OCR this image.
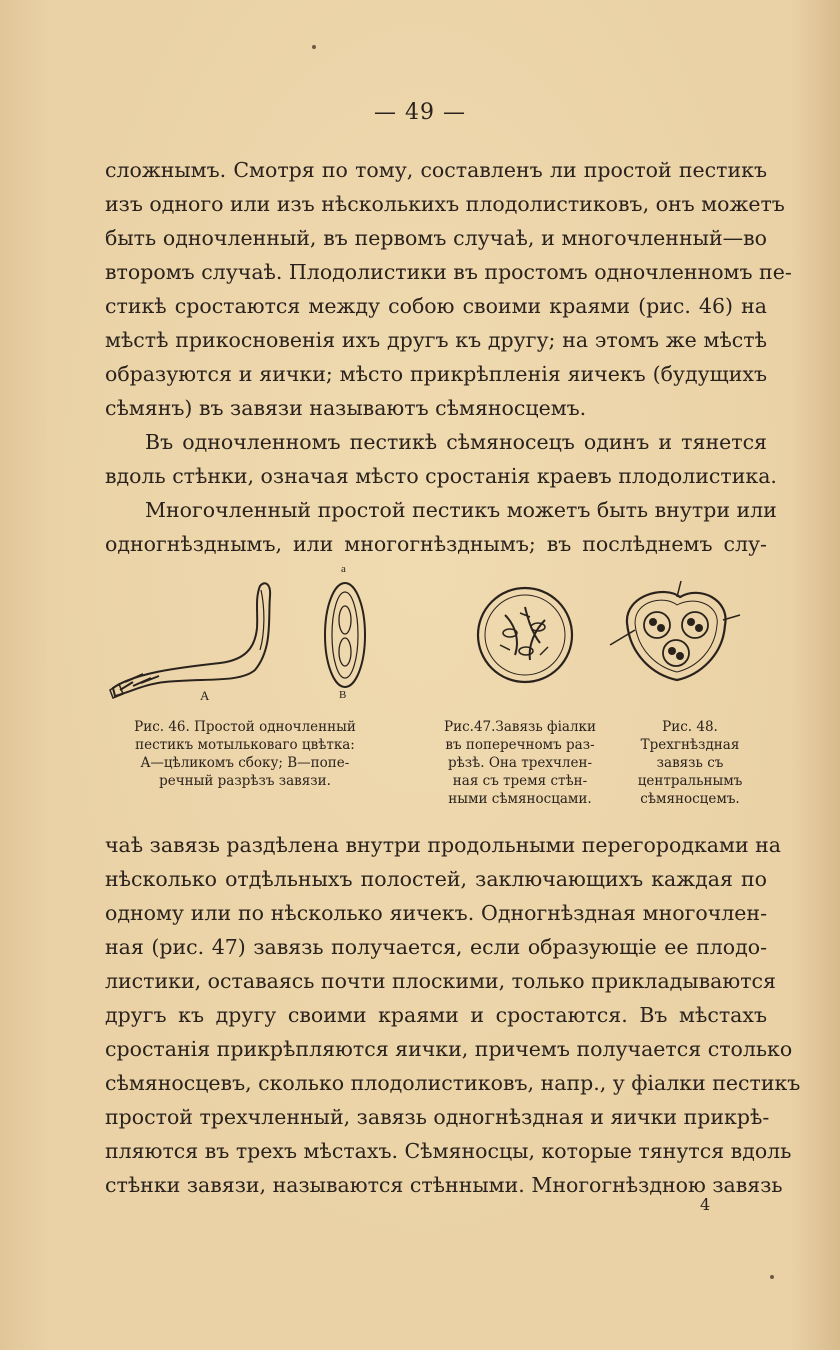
— 49 —
сложнымъ. Смотря по тому, составленъ ли простой пестикъ
изъ одного или изъ нѣсколькихъ плодолистиковъ, онъ можетъ
быть одночленный, въ первомъ случаѣ, и многочленный—во
второмъ случаѣ. Плодолистики въ простомъ одночленномъ пе-
стикѣ сростаются между собою своими краями (рис. 46) на
мѣстѣ прикосновенія ихъ другъ къ другу; на этомъ же мѣстѣ
образуются и яички; мѣсто прикрѣпленія яичекъ (будущихъ
сѣмянъ) въ завязи называютъ сѣмяносцемъ.
Въ одночленномъ пестикѣ сѣмяносецъ одинъ и тянется
вдоль стѣнки, означая мѣсто сростанія краевъ плодолистика.
Многочленный простой пестикъ можетъ быть внутри или
одногнѣзднымъ, или многогнѣзднымъ; въ послѣднемъ слу-
A
a
B
Рис. 46. Простой одночленный
пестикъ мотыльковаго цвѣтка:
A—цѣликомъ сбоку; B—попе-
речный разрѣзъ завязи.
Рис.47.Завязь фіалки
въ поперечномъ раз-
рѣзѣ. Она трехчлен-
ная съ тремя стѣн-
ными сѣмяносцами.
Рис. 48.
Трехгнѣздная
завязь съ
центральнымъ
сѣмяносцемъ.
чаѣ завязь раздѣлена внутри продольными перегородками на
нѣсколько отдѣльныхъ полостей, заключающихъ каждая по
одному или по нѣсколько яичекъ. Одногнѣздная многочлен-
ная (рис. 47) завязь получается, если образующіе ее плодо-
листики, оставаясь почти плоскими, только прикладываются
другъ къ другу своими краями и сростаются. Въ мѣстахъ
сростанія прикрѣпляются яички, причемъ получается столько
сѣмяносцевъ, сколько плодолистиковъ, напр., у фіалки пестикъ
простой трехчленный, завязь одногнѣздная и яички прикрѣ-
пляются въ трехъ мѣстахъ. Сѣмяносцы, которые тянутся вдоль
стѣнки завязи, называются стѣнными. Многогнѣздною завязь
4
